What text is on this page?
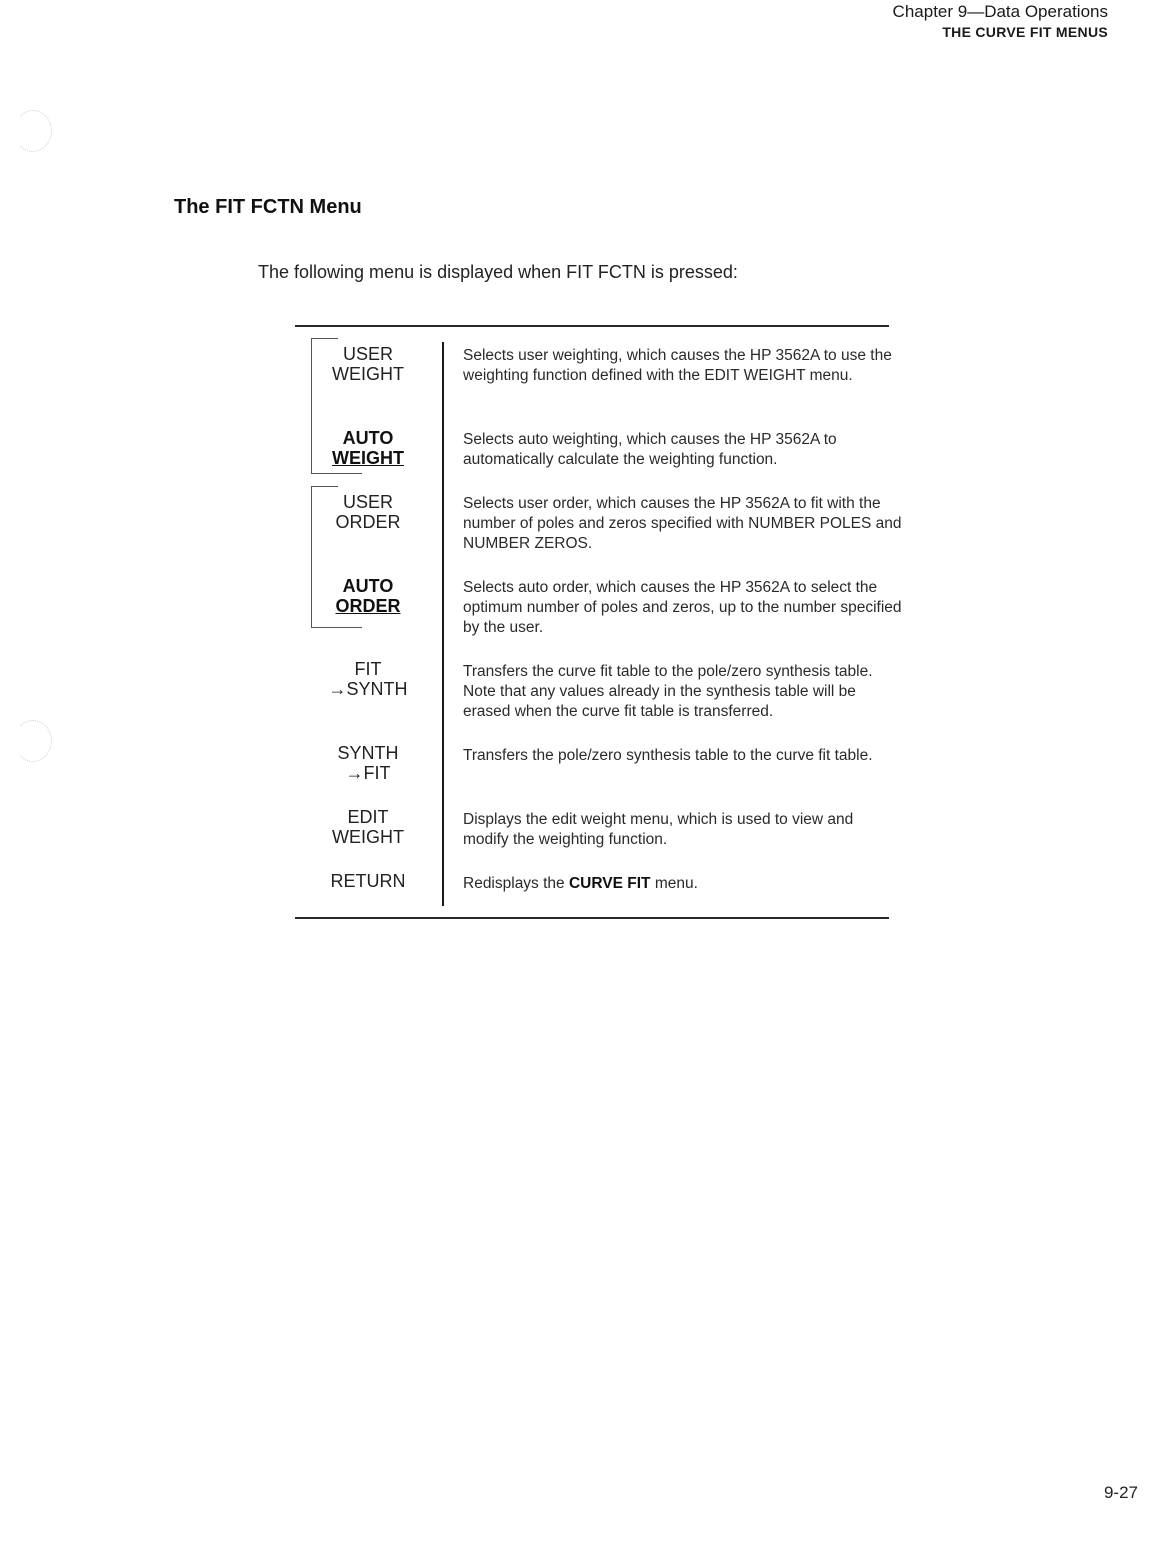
Chapter 9—Data Operations
THE CURVE FIT MENUS
The FIT FCTN Menu
The following menu is displayed when FIT FCTN is pressed:
USER
WEIGHT
Selects user weighting, which causes the HP 3562A to use the weighting function defined with the EDIT WEIGHT menu.
AUTO
WEIGHT
Selects auto weighting, which causes the HP 3562A to automatically calculate the weighting function.
USER
ORDER
Selects user order, which causes the HP 3562A to fit with the number of poles and zeros specified with NUMBER POLES and NUMBER ZEROS.
AUTO
ORDER
Selects auto order, which causes the HP 3562A to select the optimum number of poles and zeros, up to the number specified by the user.
FIT
→SYNTH
Transfers the curve fit table to the pole/zero synthesis table. Note that any values already in the synthesis table will be erased when the curve fit table is transferred.
SYNTH
→FIT
Transfers the pole/zero synthesis table to the curve fit table.
EDIT
WEIGHT
Displays the edit weight menu, which is used to view and modify the weighting function.
RETURN	Redisplays the CURVE FIT menu.
9-27
